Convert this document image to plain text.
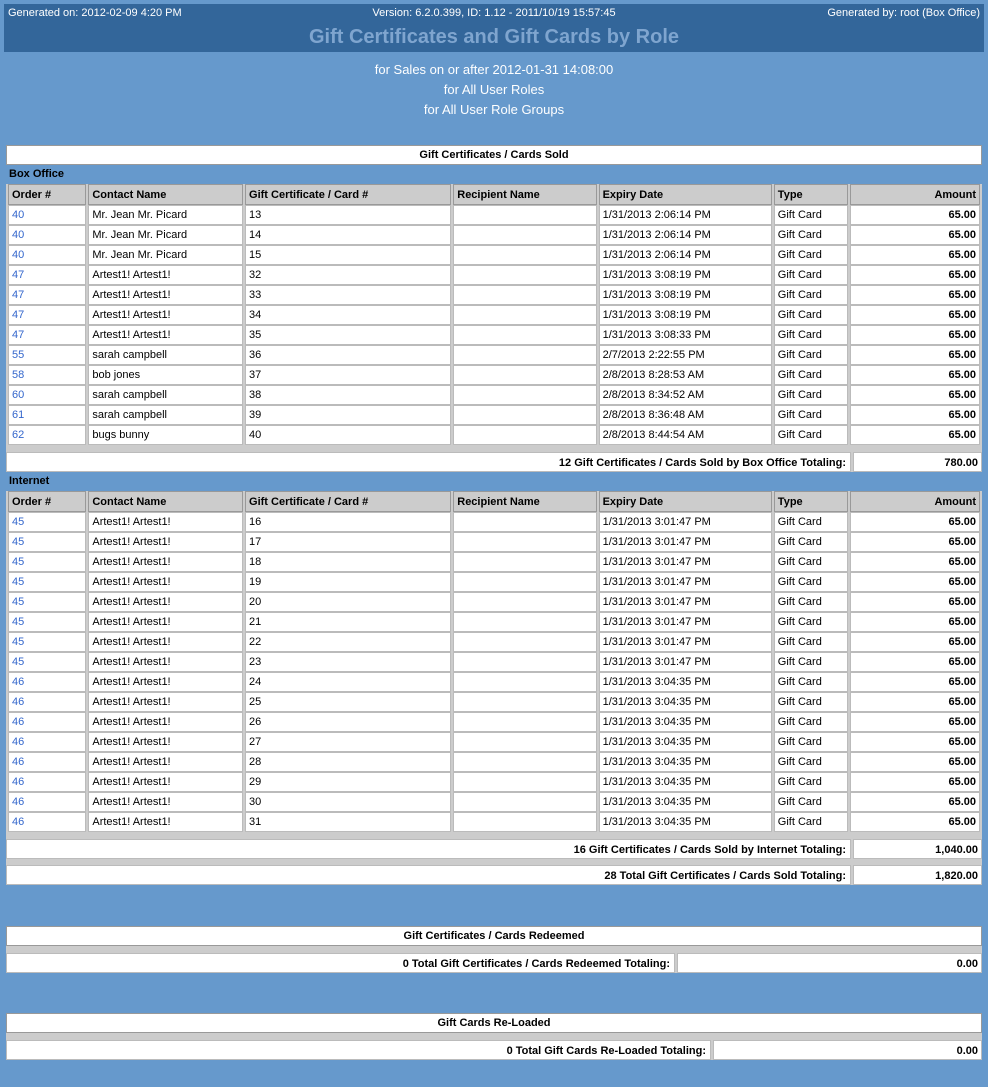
Generated on: 2012-02-09 4:20 PM	Version: 6.2.0.399, ID: 1.12 - 2011/10/19 15:57:45	Generated by: root (Box Office)
Gift Certificates and Gift Cards by Role
for Sales on or after 2012-01-31 14:08:00
for All User Roles
for All User Role Groups
Gift Certificates / Cards Sold
Box Office
Order #	Contact Name	Gift Certificate / Card #	Recipient Name	Expiry Date	Type	Amount
40	Mr. Jean Mr. Picard	13		1/31/2013 2:06:14 PM	Gift Card	65.00
40	Mr. Jean Mr. Picard	14		1/31/2013 2:06:14 PM	Gift Card	65.00
40	Mr. Jean Mr. Picard	15		1/31/2013 2:06:14 PM	Gift Card	65.00
47	Artest1! Artest1!	32		1/31/2013 3:08:19 PM	Gift Card	65.00
47	Artest1! Artest1!	33		1/31/2013 3:08:19 PM	Gift Card	65.00
47	Artest1! Artest1!	34		1/31/2013 3:08:19 PM	Gift Card	65.00
47	Artest1! Artest1!	35		1/31/2013 3:08:33 PM	Gift Card	65.00
55	sarah campbell	36		2/7/2013 2:22:55 PM	Gift Card	65.00
58	bob jones	37		2/8/2013 8:28:53 AM	Gift Card	65.00
60	sarah campbell	38		2/8/2013 8:34:52 AM	Gift Card	65.00
61	sarah campbell	39		2/8/2013 8:36:48 AM	Gift Card	65.00
62	bugs bunny	40		2/8/2013 8:44:54 AM	Gift Card	65.00
12 Gift Certificates / Cards Sold by Box Office Totaling:	780.00
Internet
Order #	Contact Name	Gift Certificate / Card #	Recipient Name	Expiry Date	Type	Amount
45	Artest1! Artest1!	16		1/31/2013 3:01:47 PM	Gift Card	65.00
45	Artest1! Artest1!	17		1/31/2013 3:01:47 PM	Gift Card	65.00
45	Artest1! Artest1!	18		1/31/2013 3:01:47 PM	Gift Card	65.00
45	Artest1! Artest1!	19		1/31/2013 3:01:47 PM	Gift Card	65.00
45	Artest1! Artest1!	20		1/31/2013 3:01:47 PM	Gift Card	65.00
45	Artest1! Artest1!	21		1/31/2013 3:01:47 PM	Gift Card	65.00
45	Artest1! Artest1!	22		1/31/2013 3:01:47 PM	Gift Card	65.00
45	Artest1! Artest1!	23		1/31/2013 3:01:47 PM	Gift Card	65.00
46	Artest1! Artest1!	24		1/31/2013 3:04:35 PM	Gift Card	65.00
46	Artest1! Artest1!	25		1/31/2013 3:04:35 PM	Gift Card	65.00
46	Artest1! Artest1!	26		1/31/2013 3:04:35 PM	Gift Card	65.00
46	Artest1! Artest1!	27		1/31/2013 3:04:35 PM	Gift Card	65.00
46	Artest1! Artest1!	28		1/31/2013 3:04:35 PM	Gift Card	65.00
46	Artest1! Artest1!	29		1/31/2013 3:04:35 PM	Gift Card	65.00
46	Artest1! Artest1!	30		1/31/2013 3:04:35 PM	Gift Card	65.00
46	Artest1! Artest1!	31		1/31/2013 3:04:35 PM	Gift Card	65.00
16 Gift Certificates / Cards Sold by Internet Totaling:	1,040.00
28 Total Gift Certificates / Cards Sold Totaling:	1,820.00
Gift Certificates / Cards Redeemed
0 Total Gift Certificates / Cards Redeemed Totaling:	0.00
Gift Cards Re-Loaded
0 Total Gift Cards Re-Loaded Totaling:	0.00
